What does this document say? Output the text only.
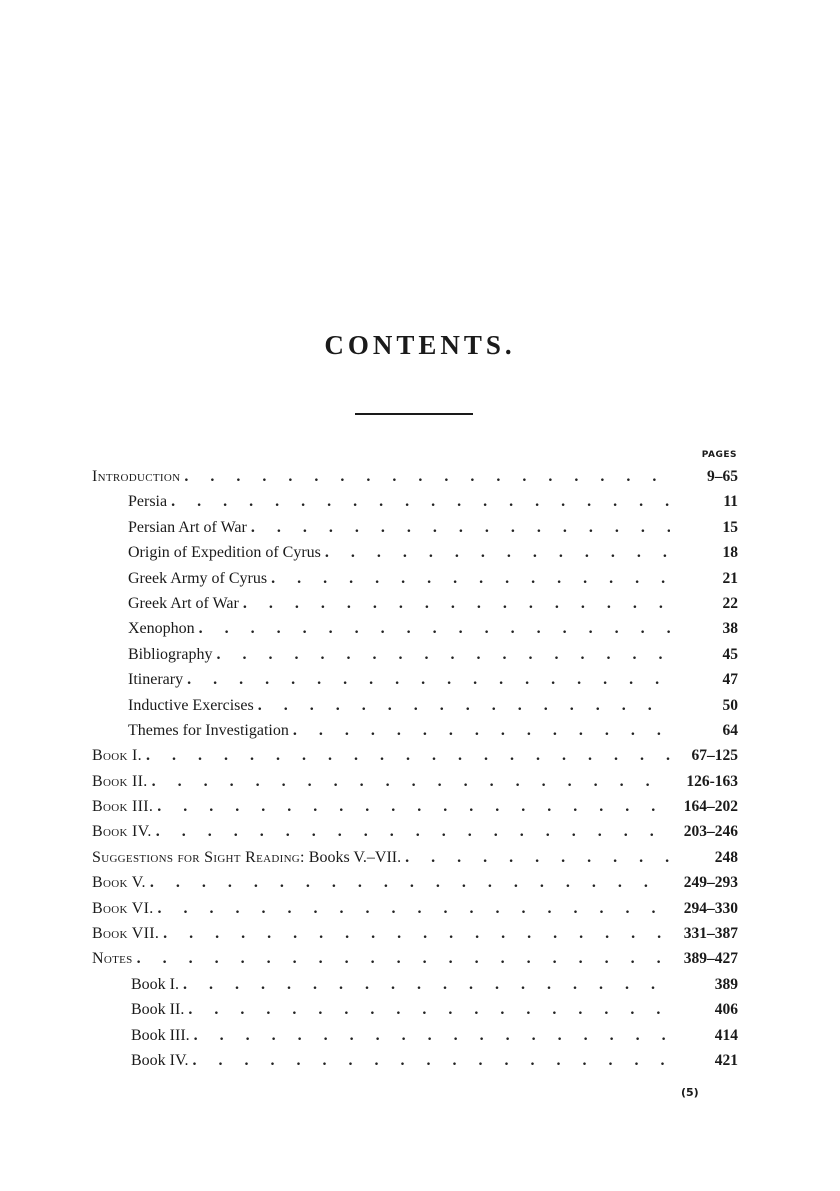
CONTENTS.
PAGES
Introduction . . .	9–65
Persia . . .	11
Persian Art of War . . .	15
Origin of Expedition of Cyrus . . .	18
Greek Army of Cyrus . . .	21
Greek Art of War . . .	22
Xenophon . . .	38
Bibliography . . .	45
Itinerary . . .	47
Inductive Exercises . . .	50
Themes for Investigation . . .	64
Book I. . . .	67–125
Book II. . . .	126-163
Book III. . . .	164–202
Book IV. . . .	203–246
Suggestions for Sight Reading: Books V.–VII. . . .	248
Book V. . . .	249–293
Book VI. . . .	294–330
Book VII. . . .	331–387
Notes . . .	389–427
Book I. . . .	389
Book II. . . .	406
Book III. . . .	414
Book IV. . . .	421
(5)
